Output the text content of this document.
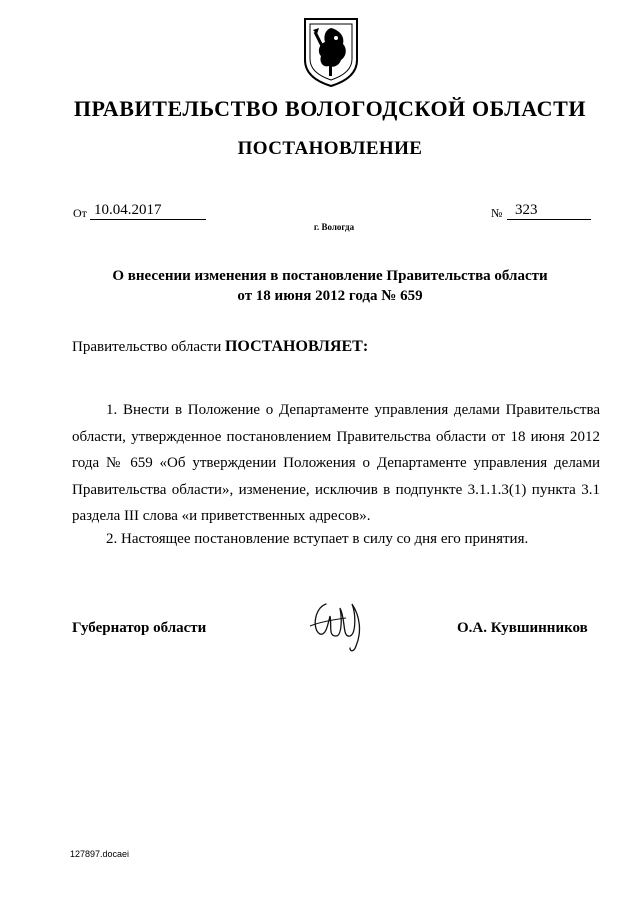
ПРАВИТЕЛЬСТВО ВОЛОГОДСКОЙ ОБЛАСТИ
ПОСТАНОВЛЕНИЕ
От 10.04.2017	№ 323
г. Вологда
О внесении изменения в постановление Правительства области
от 18 июня 2012 года № 659
Правительство области ПОСТАНОВЛЯЕТ:
1. Внести в Положение о Департаменте управления делами Правительства области, утвержденное постановлением Правительства области от 18 июня 2012 года № 659 «Об утверждении Положения о Департаменте управления делами Правительства области», изменение, исключив в подпункте 3.1.1.3(1) пункта 3.1 раздела III слова «и приветственных адресов».
2. Настоящее постановление вступает в силу со дня его принятия.
Губернатор области	О.А. Кувшинников
127897.docaei
